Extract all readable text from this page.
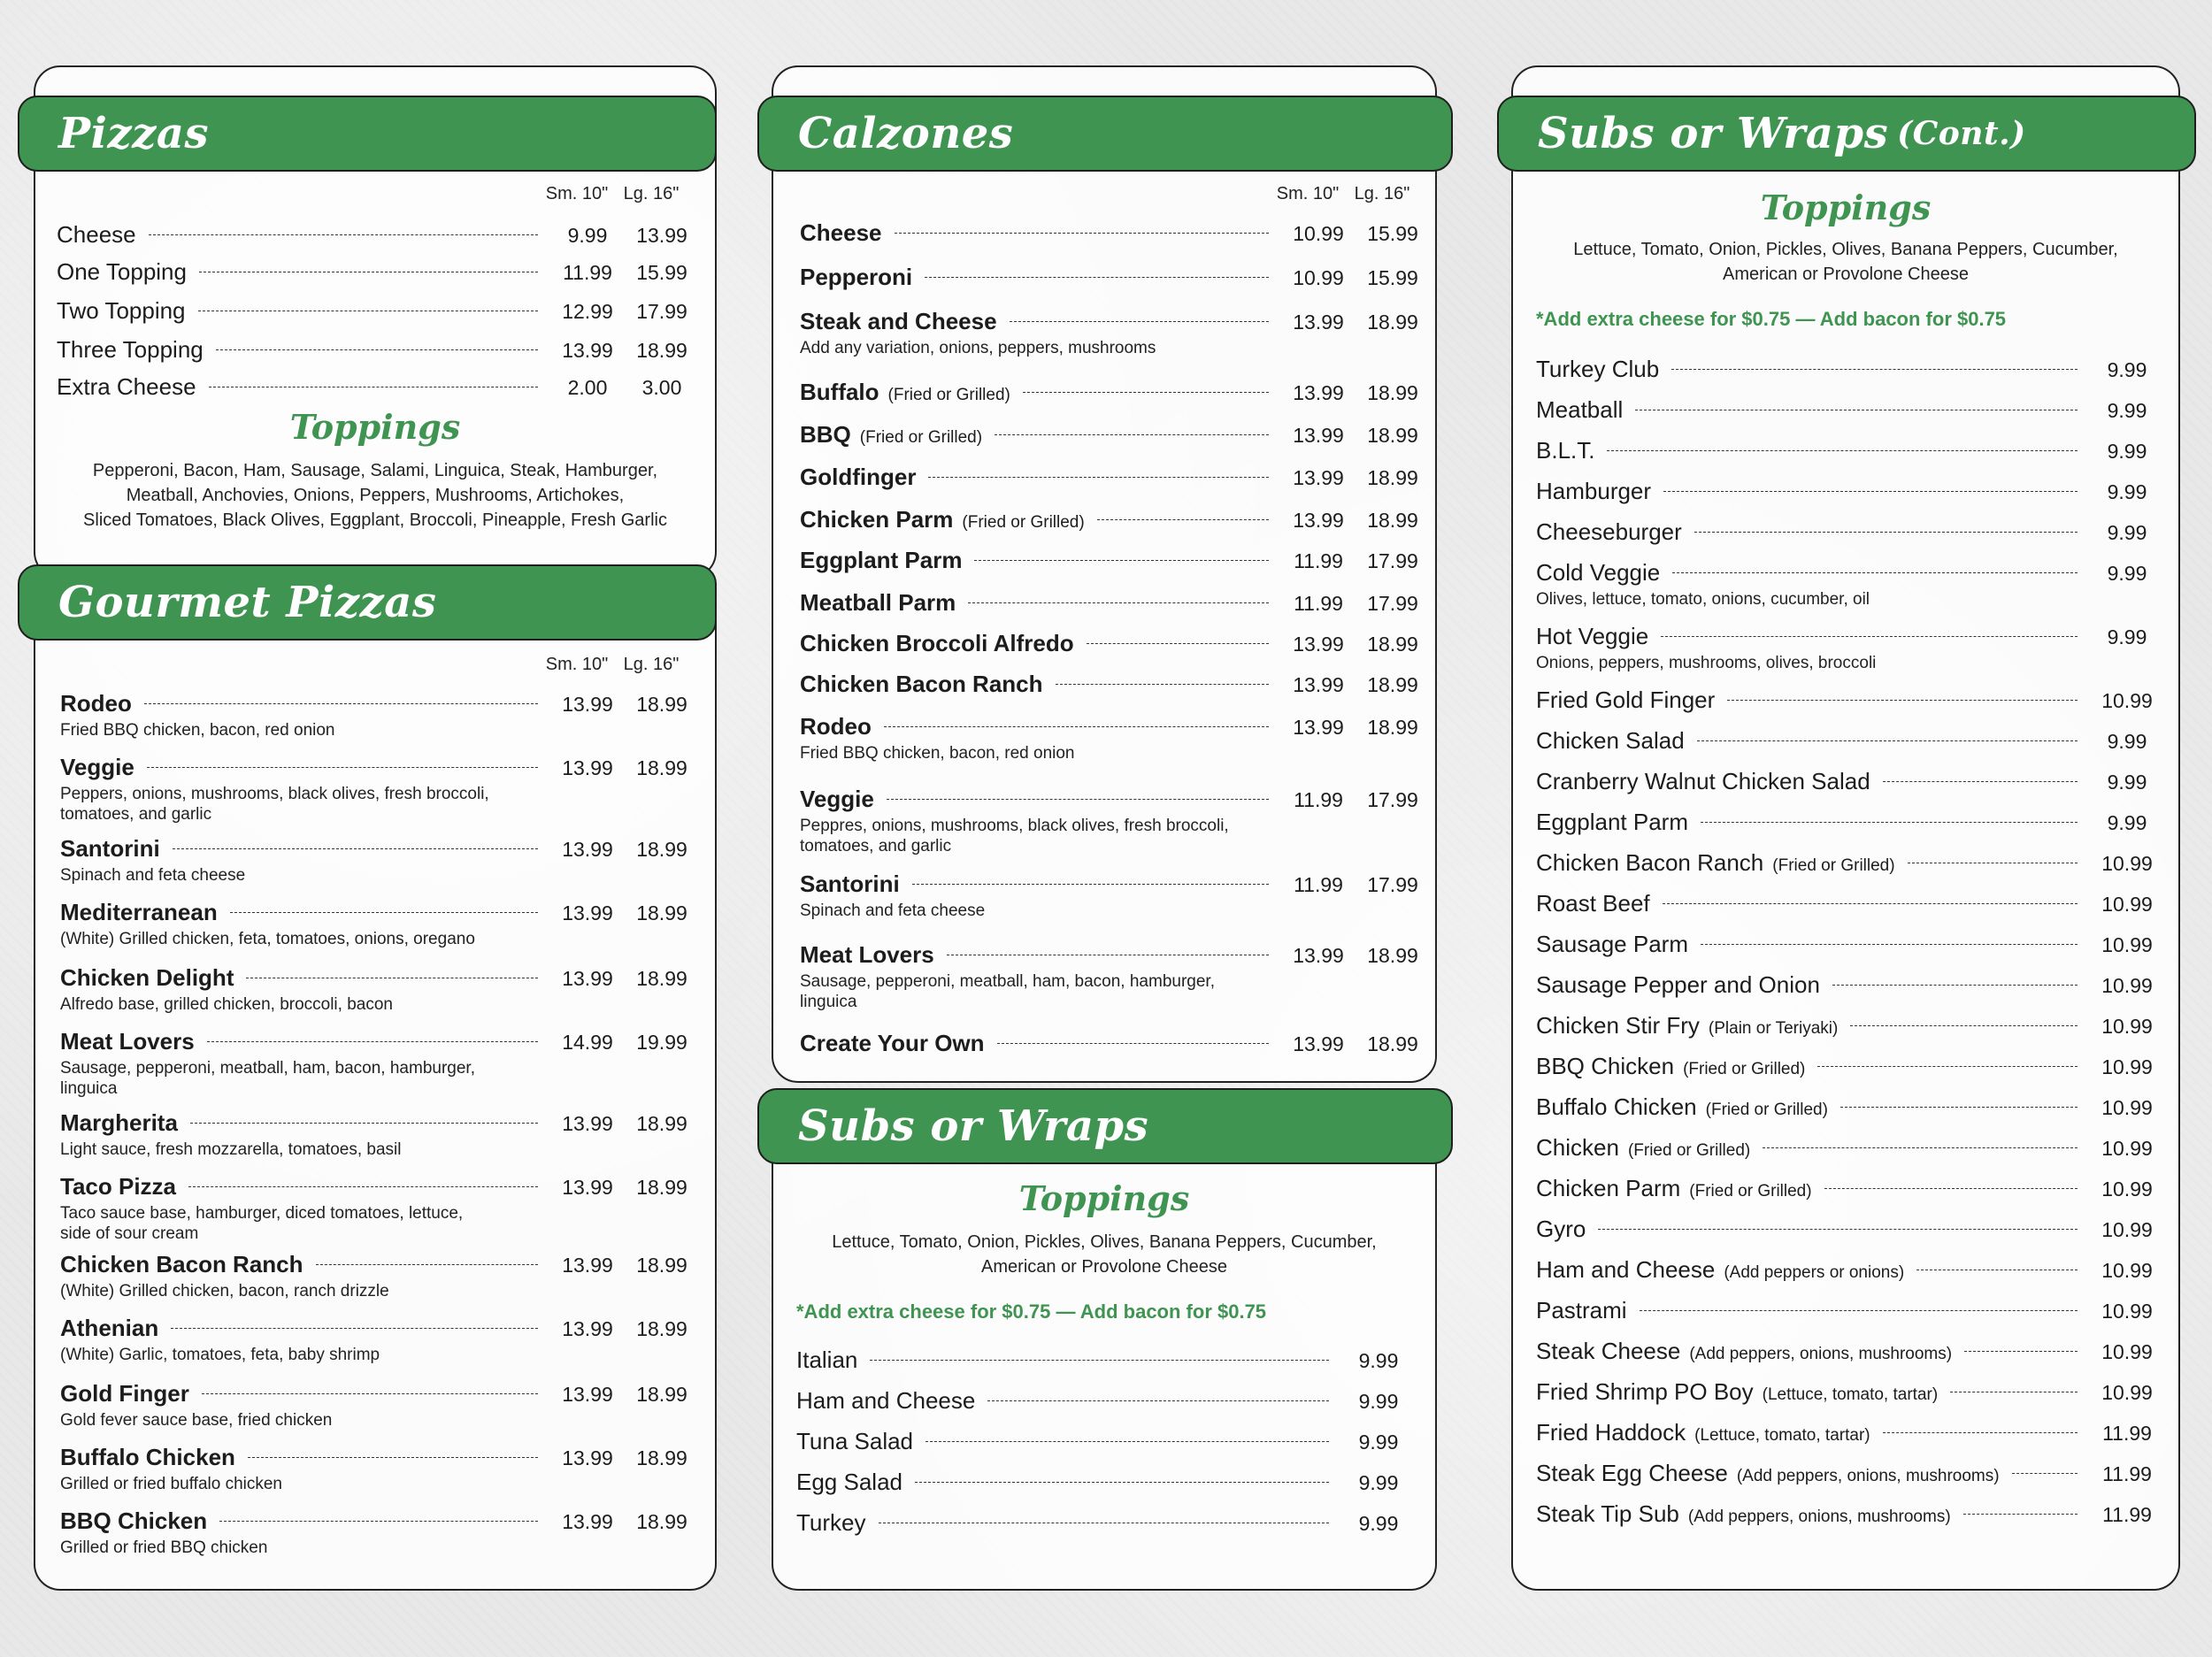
Pizzas
Sm. 10" Lg. 16"
Cheese	9.99	13.99
One Topping	11.99	15.99
Two Topping	12.99	17.99
Three Topping	13.99	18.99
Extra Cheese	2.00	3.00
Toppings
Pepperoni, Bacon, Ham, Sausage, Salami, Linguica, Steak, Hamburger,
Meatball, Anchovies, Onions, Peppers, Mushrooms, Artichokes,
Sliced Tomatoes, Black Olives, Eggplant, Broccoli, Pineapple, Fresh Garlic
Gourmet Pizzas
Sm. 10" Lg. 16"
Rodeo	13.99	18.99
Fried BBQ chicken, bacon, red onion
Veggie	13.99	18.99
Peppers, onions, mushrooms, black olives, fresh broccoli,
tomatoes, and garlic
Santorini	13.99	18.99
Spinach and feta cheese
Mediterranean	13.99	18.99
(White) Grilled chicken, feta, tomatoes, onions, oregano
Chicken Delight	13.99	18.99
Alfredo base, grilled chicken, broccoli, bacon
Meat Lovers	14.99	19.99
Sausage, pepperoni, meatball, ham, bacon, hamburger,
linguica
Margherita	13.99	18.99
Light sauce, fresh mozzarella, tomatoes, basil
Taco Pizza	13.99	18.99
Taco sauce base, hamburger, diced tomatoes, lettuce,
side of sour cream
Chicken Bacon Ranch	13.99	18.99
(White) Grilled chicken, bacon, ranch drizzle
Athenian	13.99	18.99
(White) Garlic, tomatoes, feta, baby shrimp
Gold Finger	13.99	18.99
Gold fever sauce base, fried chicken
Buffalo Chicken	13.99	18.99
Grilled or fried buffalo chicken
BBQ Chicken	13.99	18.99
Grilled or fried BBQ chicken
Calzones
Sm. 10" Lg. 16"
Cheese	10.99	15.99
Pepperoni	10.99	15.99
Steak and Cheese	13.99	18.99
Add any variation, onions, peppers, mushrooms
Buffalo (Fried or Grilled)	13.99	18.99
BBQ (Fried or Grilled)	13.99	18.99
Goldfinger	13.99	18.99
Chicken Parm (Fried or Grilled)	13.99	18.99
Eggplant Parm	11.99	17.99
Meatball Parm	11.99	17.99
Chicken Broccoli Alfredo	13.99	18.99
Chicken Bacon Ranch	13.99	18.99
Rodeo	13.99	18.99
Fried BBQ chicken, bacon, red onion
Veggie	11.99	17.99
Peppres, onions, mushrooms, black olives, fresh broccoli,
tomatoes, and garlic
Santorini	11.99	17.99
Spinach and feta cheese
Meat Lovers	13.99	18.99
Sausage, pepperoni, meatball, ham, bacon, hamburger,
linguica
Create Your Own	13.99	18.99
Subs or Wraps
Toppings
Lettuce, Tomato, Onion, Pickles, Olives, Banana Peppers, Cucumber,
American or Provolone Cheese
*Add extra cheese for $0.75 — Add bacon for $0.75
Italian	9.99
Ham and Cheese	9.99
Tuna Salad	9.99
Egg Salad	9.99
Turkey	9.99
Subs or Wraps (Cont.)
Toppings
Lettuce, Tomato, Onion, Pickles, Olives, Banana Peppers, Cucumber,
American or Provolone Cheese
*Add extra cheese for $0.75 — Add bacon for $0.75
Turkey Club	9.99
Meatball	9.99
B.L.T.	9.99
Hamburger	9.99
Cheeseburger	9.99
Cold Veggie	9.99
Olives, lettuce, tomato, onions, cucumber, oil
Hot Veggie	9.99
Onions, peppers, mushrooms, olives, broccoli
Fried Gold Finger	10.99
Chicken Salad	9.99
Cranberry Walnut Chicken Salad	9.99
Eggplant Parm	9.99
Chicken Bacon Ranch (Fried or Grilled)	10.99
Roast Beef	10.99
Sausage Parm	10.99
Sausage Pepper and Onion	10.99
Chicken Stir Fry (Plain or Teriyaki)	10.99
BBQ Chicken (Fried or Grilled)	10.99
Buffalo Chicken (Fried or Grilled)	10.99
Chicken (Fried or Grilled)	10.99
Chicken Parm (Fried or Grilled)	10.99
Gyro	10.99
Ham and Cheese (Add peppers or onions)	10.99
Pastrami	10.99
Steak Cheese (Add peppers, onions, mushrooms)	10.99
Fried Shrimp PO Boy (Lettuce, tomato, tartar)	10.99
Fried Haddock (Lettuce, tomato, tartar)	11.99
Steak Egg Cheese (Add peppers, onions, mushrooms)	11.99
Steak Tip Sub (Add peppers, onions, mushrooms)	11.99
